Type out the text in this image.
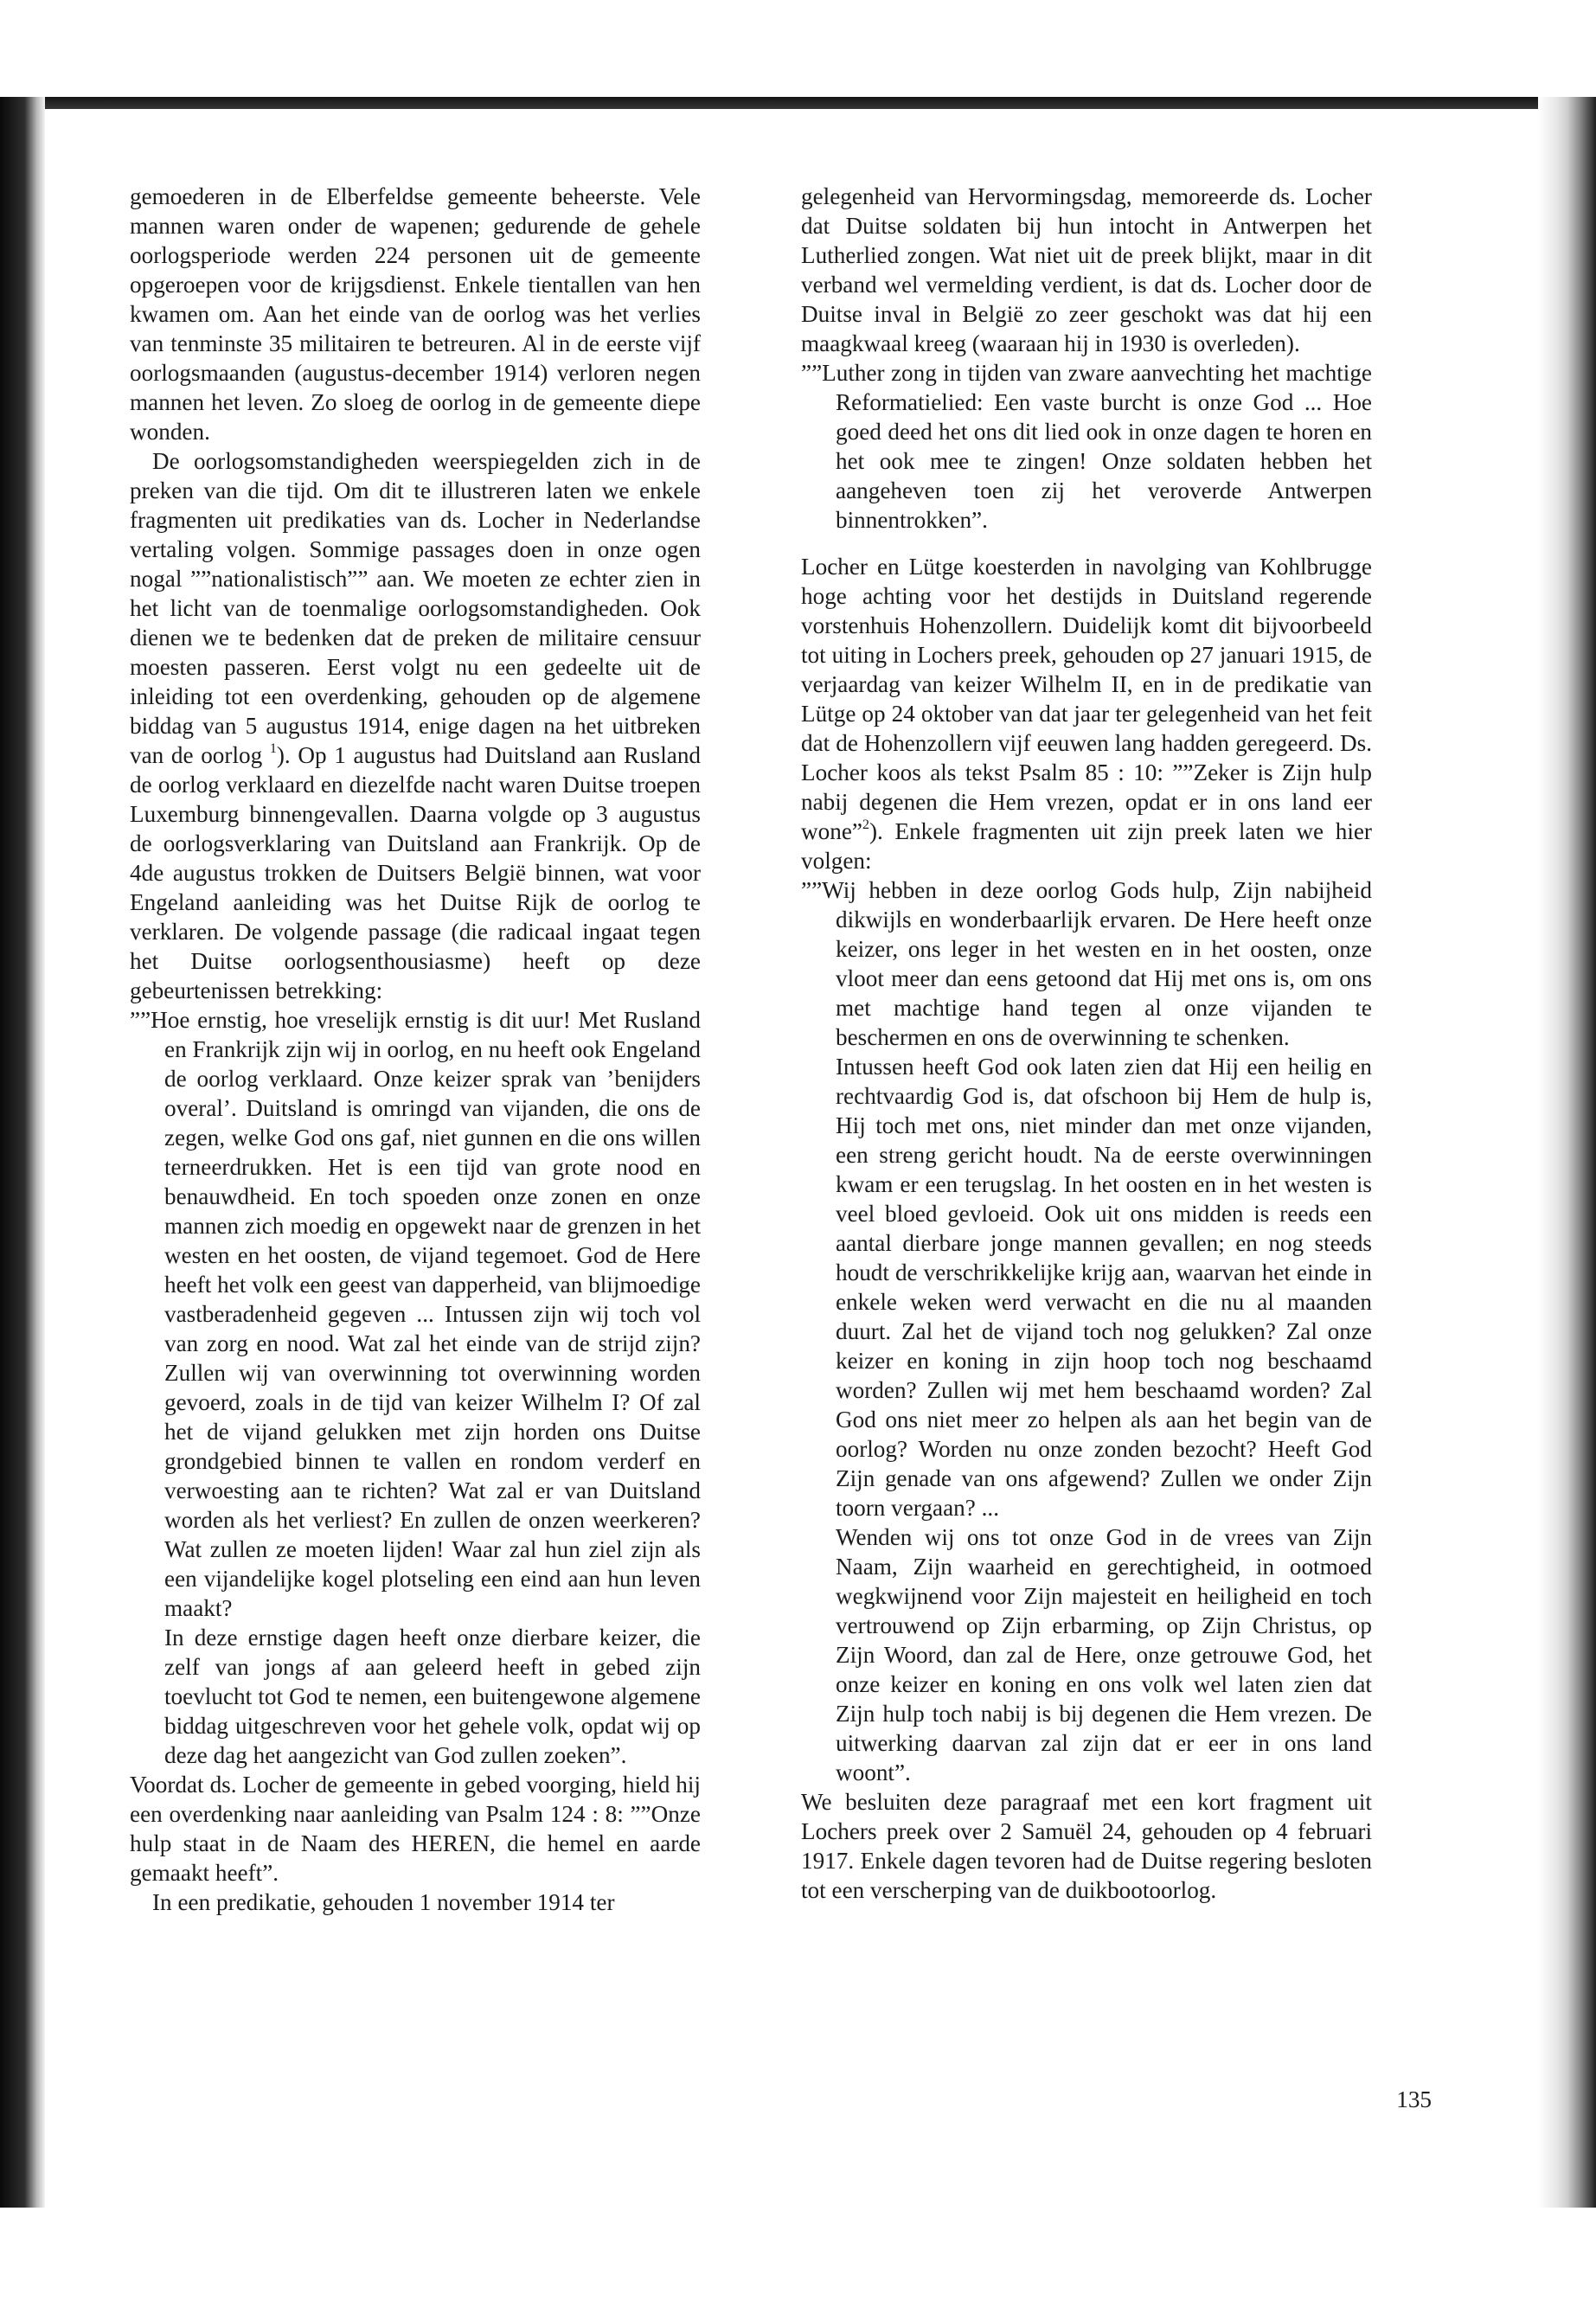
gemoederen in de Elberfeldse gemeente beheerste. Vele mannen waren onder de wapenen; gedurende de gehele oorlogsperiode werden 224 personen uit de gemeente opgeroepen voor de krijgsdienst. Enkele tientallen van hen kwamen om. Aan het einde van de oorlog was het verlies van tenminste 35 militairen te betreuren. Al in de eerste vijf oorlogsmaanden (augustus-december 1914) verloren negen mannen het leven. Zo sloeg de oorlog in de gemeente diepe wonden.

De oorlogsomstandigheden weerspiegelden zich in de preken van die tijd. Om dit te illustreren laten we enkele fragmenten uit predikaties van ds. Locher in Nederlandse vertaling volgen. Sommige passages doen in onze ogen nogal ””nationalistisch”” aan. We moeten ze echter zien in het licht van de toenmalige oorlogsomstandigheden. Ook dienen we te bedenken dat de preken de militaire censuur moesten passeren. Eerst volgt nu een gedeelte uit de inleiding tot een overdenking, gehouden op de algemene biddag van 5 augustus 1914, enige dagen na het uitbreken van de oorlog $^1$). Op 1 augustus had Duitsland aan Rusland de oorlog verklaard en diezelfde nacht waren Duitse troepen Luxemburg binnengevallen. Daarna volgde op 3 augustus de oorlogsverklaring van Duitsland aan Frankrijk. Op de 4de augustus trokken de Duitsers België binnen, wat voor Engeland aanleiding was het Duitse Rijk de oorlog te verklaren. De volgende passage (die radicaal ingaat tegen het Duitse oorlogsenthousiasme) heeft op deze gebeurtenissen betrekking:

””Hoe ernstig, hoe vreselijk ernstig is dit uur! Met Rusland en Frankrijk zijn wij in oorlog, en nu heeft ook Engeland de oorlog verklaard. Onze keizer sprak van ’benijders overal’. Duitsland is omringd van vijanden, die ons de zegen, welke God ons gaf, niet gunnen en die ons willen terneerdrukken. Het is een tijd van grote nood en benauwdheid. En toch spoeden onze zonen en onze mannen zich moedig en opgewekt naar de grenzen in het westen en het oosten, de vijand tegemoet. God de Here heeft het volk een geest van dapperheid, van blijmoedige vastberadenheid gegeven ... Intussen zijn wij toch vol van zorg en nood. Wat zal het einde van de strijd zijn? Zullen wij van overwinning tot overwinning worden gevoerd, zoals in de tijd van keizer Wilhelm I? Of zal het de vijand gelukken met zijn horden ons Duitse grondgebied binnen te vallen en rondom verderf en verwoesting aan te richten? Wat zal er van Duitsland worden als het verliest? En zullen de onzen weerkeren? Wat zullen ze moeten lijden! Waar zal hun ziel zijn als een vijandelijke kogel plotseling een eind aan hun leven maakt?

In deze ernstige dagen heeft onze dierbare keizer, die zelf van jongs af aan geleerd heeft in gebed zijn toevlucht tot God te nemen, een buitengewone algemene biddag uitgeschreven voor het gehele volk, opdat wij op deze dag het aangezicht van God zullen zoeken”.

Voordat ds. Locher de gemeente in gebed voorging, hield hij een overdenking naar aanleiding van Psalm 124 : 8: ””Onze hulp staat in de Naam des HEREN, die hemel en aarde gemaakt heeft”.

In een predikatie, gehouden 1 november 1914 ter

gelegenheid van Hervormingsdag, memoreerde ds. Locher dat Duitse soldaten bij hun intocht in Antwerpen het Lutherlied zongen. Wat niet uit de preek blijkt, maar in dit verband wel vermelding verdient, is dat ds. Locher door de Duitse inval in België zo zeer geschokt was dat hij een maagkwaal kreeg (waaraan hij in 1930 is overleden).

””Luther zong in tijden van zware aanvechting het machtige Reformatielied: Een vaste burcht is onze God ... Hoe goed deed het ons dit lied ook in onze dagen te horen en het ook mee te zingen! Onze soldaten hebben het aangeheven toen zij het veroverde Antwerpen binnentrokken”.

Locher en Lütge koesterden in navolging van Kohlbrugge hoge achting voor het destijds in Duitsland regerende vorstenhuis Hohenzollern. Duidelijk komt dit bijvoorbeeld tot uiting in Lochers preek, gehouden op 27 januari 1915, de verjaardag van keizer Wilhelm II, en in de predikatie van Lütge op 24 oktober van dat jaar ter gelegenheid van het feit dat de Hohenzollern vijf eeuwen lang hadden geregeerd. Ds. Locher koos als tekst Psalm 85 : 10: ””Zeker is Zijn hulp nabij degenen die Hem vrezen, opdat er in ons land eer wone”$^2$). Enkele fragmenten uit zijn preek laten we hier volgen:

””Wij hebben in deze oorlog Gods hulp, Zijn nabijheid dikwijls en wonderbaarlijk ervaren. De Here heeft onze keizer, ons leger in het westen en in het oosten, onze vloot meer dan eens getoond dat Hij met ons is, om ons met machtige hand tegen al onze vijanden te beschermen en ons de overwinning te schenken.

Intussen heeft God ook laten zien dat Hij een heilig en rechtvaardig God is, dat ofschoon bij Hem de hulp is, Hij toch met ons, niet minder dan met onze vijanden, een streng gericht houdt. Na de eerste overwinningen kwam er een terugslag. In het oosten en in het westen is veel bloed gevloeid. Ook uit ons midden is reeds een aantal dierbare jonge mannen gevallen; en nog steeds houdt de verschrikkelijke krijg aan, waarvan het einde in enkele weken werd verwacht en die nu al maanden duurt. Zal het de vijand toch nog gelukken? Zal onze keizer en koning in zijn hoop toch nog beschaamd worden? Zullen wij met hem beschaamd worden? Zal God ons niet meer zo helpen als aan het begin van de oorlog? Worden nu onze zonden bezocht? Heeft God Zijn genade van ons afgewend? Zullen we onder Zijn toorn vergaan? ...

Wenden wij ons tot onze God in de vrees van Zijn Naam, Zijn waarheid en gerechtigheid, in ootmoed wegkwijnend voor Zijn majesteit en heiligheid en toch vertrouwend op Zijn erbarming, op Zijn Christus, op Zijn Woord, dan zal de Here, onze getrouwe God, het onze keizer en koning en ons volk wel laten zien dat Zijn hulp toch nabij is bij degenen die Hem vrezen. De uitwerking daarvan zal zijn dat er eer in ons land woont”.

We besluiten deze paragraaf met een kort fragment uit Lochers preek over 2 Samuël 24, gehouden op 4 februari 1917. Enkele dagen tevoren had de Duitse regering besloten tot een verscherping van de duikbootoorlog.

135
